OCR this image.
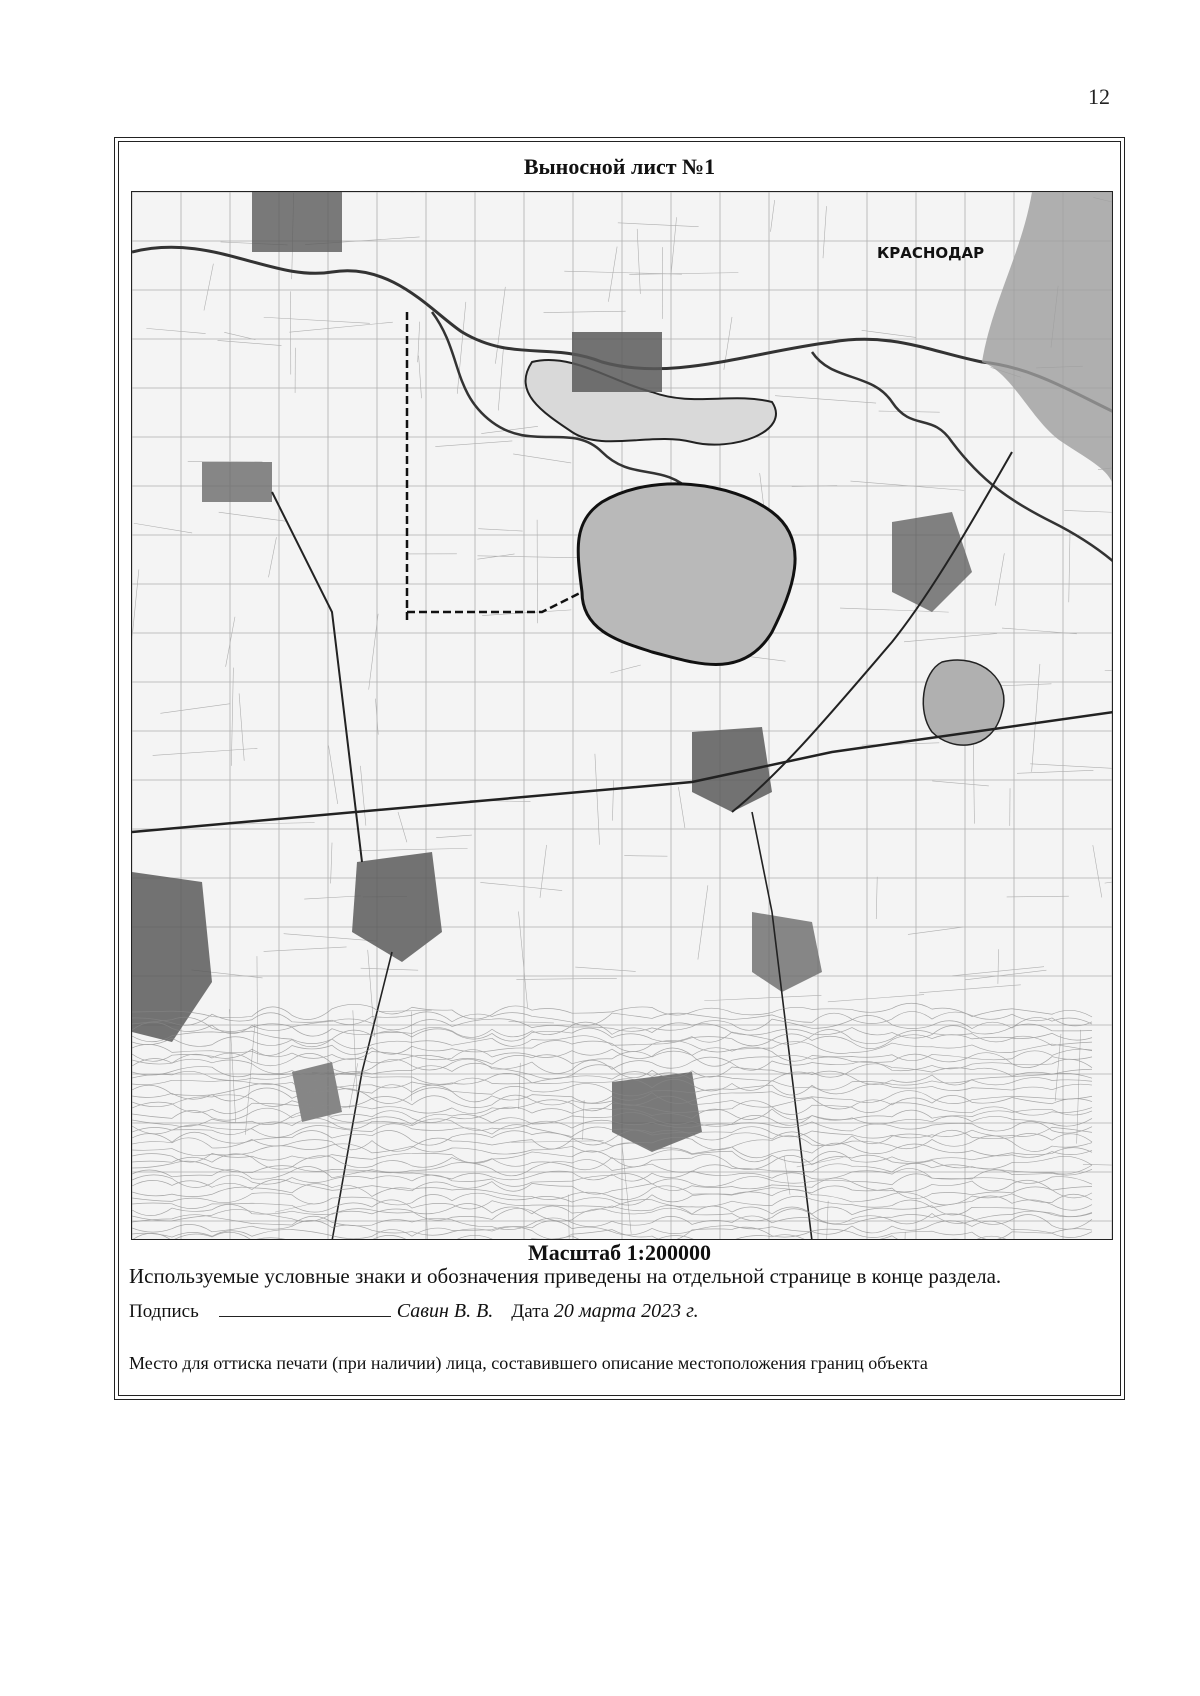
12
Выносной лист №1
КРАСНОДАР
Масштаб 1:200000
Используемые условные знаки и обозначения приведены на отдельной странице в конце раздела.
Подпись	Савин В. В. Дата 20 марта 2023 г.
Место для оттиска печати (при наличии) лица, составившего описание местоположения границ объекта
